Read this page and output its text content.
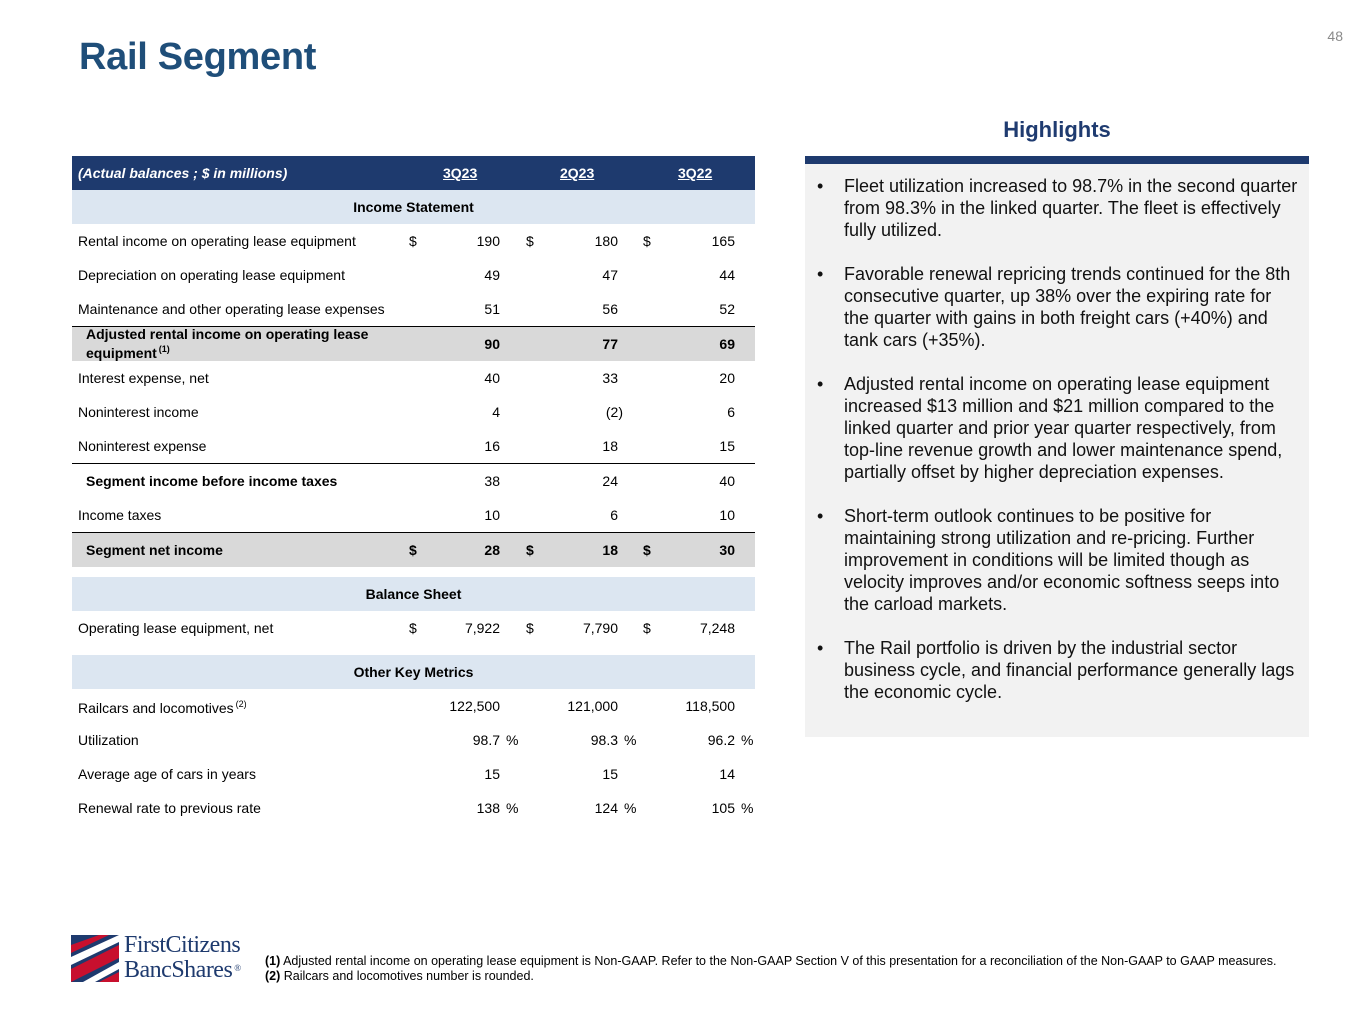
48
Rail Segment
(Actual balances ; $ in millions)	3Q23	2Q23	3Q22
Income Statement
Rental income on operating lease equipment	$	190 $	180 $	165
Depreciation on operating lease equipment	49	47	44
Maintenance and other operating lease expenses	51	56	52
Adjusted rental income on operating lease equipment $^{(1)}$	90	77	69
Interest expense, net	40	33	20
Noninterest income	4	(2)	6
Noninterest expense	16	18	15
Segment income before income taxes	38	24	40
Income taxes	10	6	10
Segment net income	$	28 $	18 $	30
Balance Sheet
Operating lease equipment, net	$	7,922 $	7,790 $	7,248
Other Key Metrics
Railcars and locomotives $^{(2)}$	122,500	121,000	118,500
Utilization	98.7 %	98.3 %	96.2 %
Average age of cars in years	15	15	14
Renewal rate to previous rate	138 %	124 %	105 %
Highlights
• Fleet utilization increased to 98.7% in the second quarter from 98.3% in the linked quarter. The fleet is effectively fully utilized.
• Favorable renewal repricing trends continued for the 8th consecutive quarter, up 38% over the expiring rate for the quarter with gains in both freight cars (+40%) and tank cars (+35%).
• Adjusted rental income on operating lease equipment increased $13 million and $21 million compared to the linked quarter and prior year quarter respectively, from top-line revenue growth and lower maintenance spend, partially offset by higher depreciation expenses.
• Short-term outlook continues to be positive for maintaining strong utilization and re-pricing. Further improvement in conditions will be limited though as velocity improves and/or economic softness seeps into the carload markets.
• The Rail portfolio is driven by the industrial sector business cycle, and financial performance generally lags the economic cycle.
FirstCitizens
BancShares ® (1) Adjusted rental income on operating lease equipment is Non-GAAP. Refer to the Non-GAAP Section V of this presentation for a reconciliation of the Non-GAAP to GAAP measures.
(2) Railcars and locomotives number is rounded.
